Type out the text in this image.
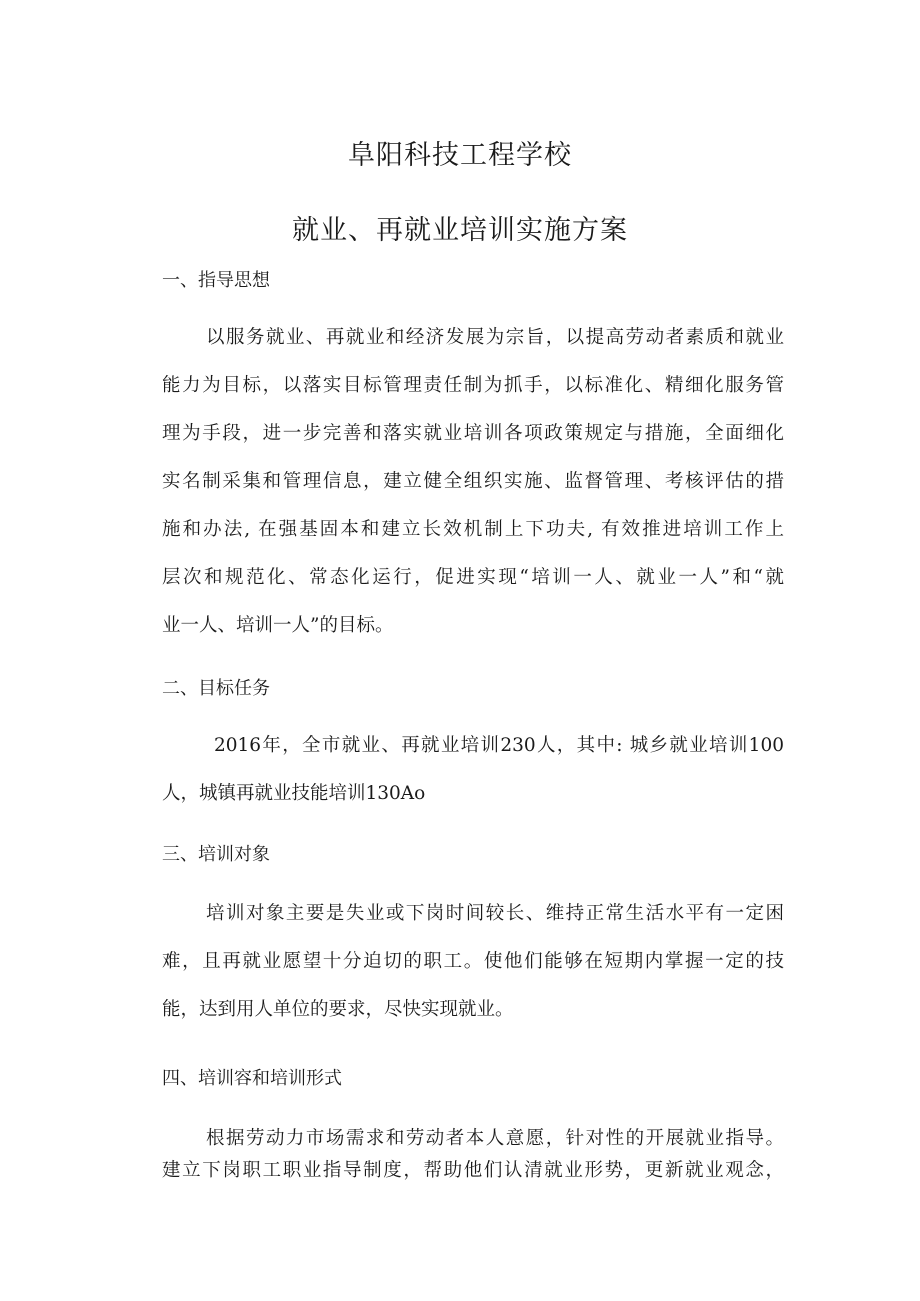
阜阳科技工程学校
就业、再就业培训实施方案
一、指导思想
以服务就业、再就业和经济发展为宗旨，以提高劳动者素质和就业
能力为目标，以落实目标管理责任制为抓手，以标准化、精细化服务管
理为手段，进一步完善和落实就业培训各项政策规定与措施，全面细化
实名制采集和管理信息，建立健全组织实施、监督管理、考核评估的措
施和办法, 在强基固本和建立长效机制上下功夫, 有效推进培训工作上
层次和规范化、常态化运行，促进实现“培训一人、就业一人”和“就
业一人、培训一人”的目标。
二、目标任务
2016年，全市就业、再就业培训230人，其中: 城乡就业培训100
人，城镇再就业技能培训130Ao
三、培训对象
培训对象主要是失业或下岗时间较长、维持正常生活水平有一定困
难，且再就业愿望十分迫切的职工。使他们能够在短期内掌握一定的技
能，达到用人单位的要求，尽快实现就业。
四、培训容和培训形式
根据劳动力市场需求和劳动者本人意愿，针对性的开展就业指导。
建立下岗职工职业指导制度，帮助他们认清就业形势，更新就业观念，
